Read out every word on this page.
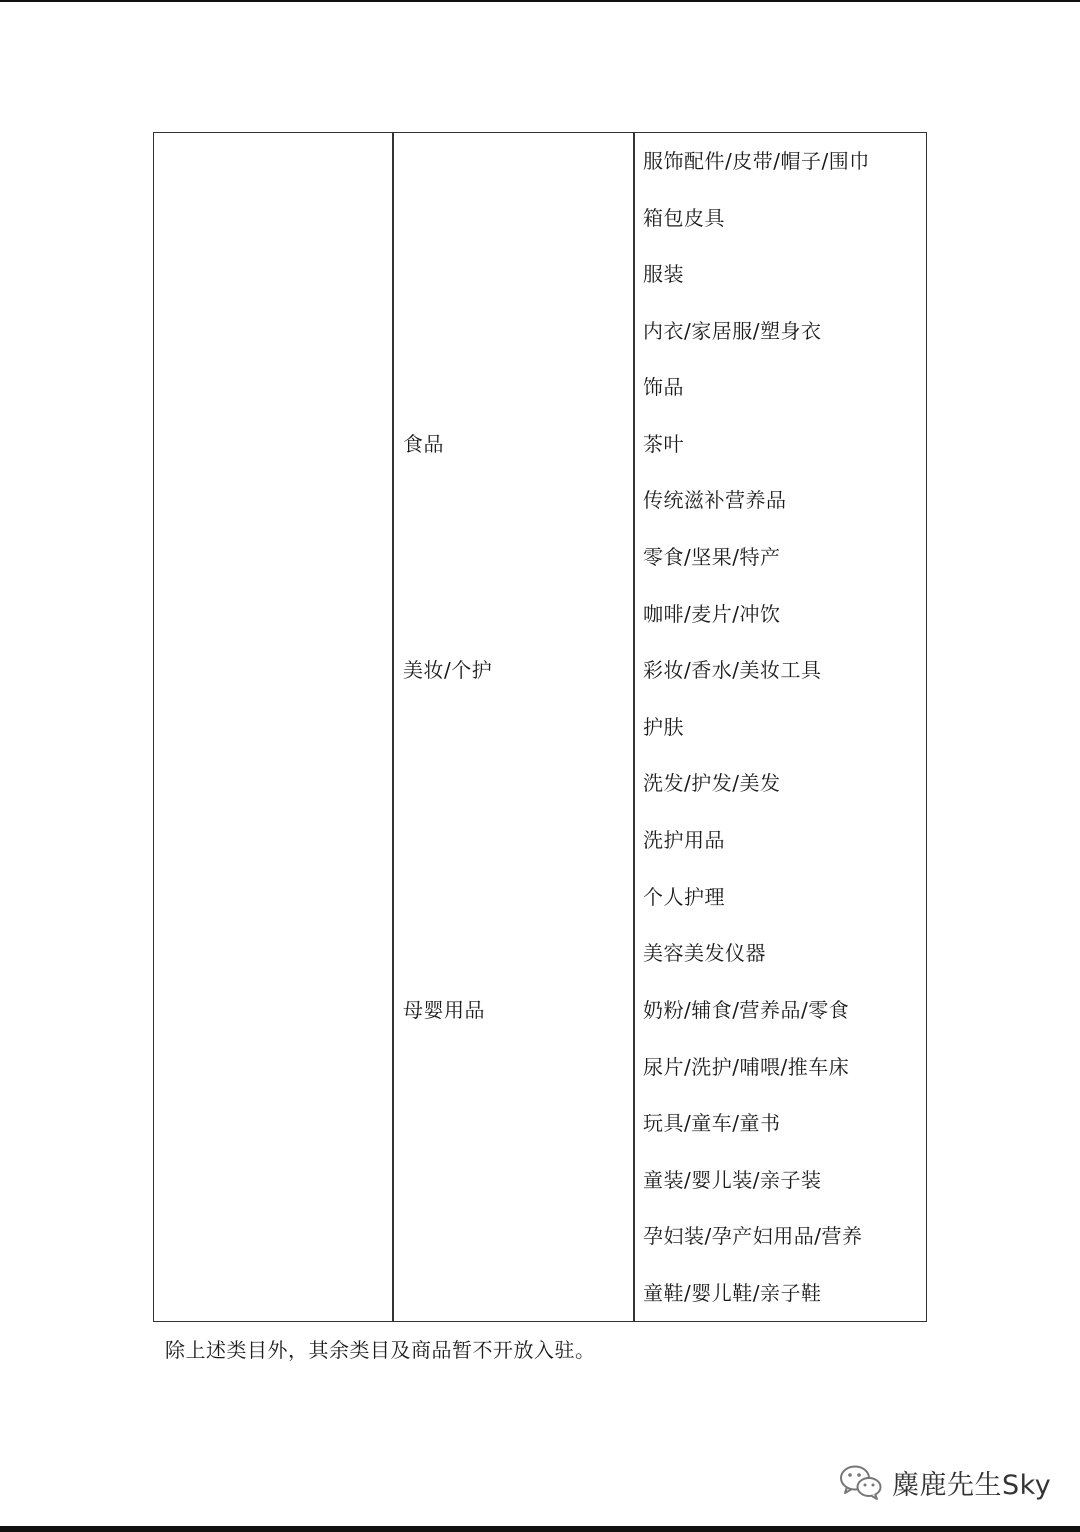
食品
美妆/个护
母婴用品
服饰配件/皮带/帽子/围巾
箱包皮具
服装
内衣/家居服/塑身衣
饰品
茶叶
传统滋补营养品
零食/坚果/特产
咖啡/麦片/冲饮
彩妆/香水/美妆工具
护肤
洗发/护发/美发
洗护用品
个人护理
美容美发仪器
奶粉/辅食/营养品/零食
尿片/洗护/哺喂/推车床
玩具/童车/童书
童装/婴儿装/亲子装
孕妇装/孕产妇用品/营养
童鞋/婴儿鞋/亲子鞋

除上述类目外，其余类目及商品暂不开放入驻。

麋鹿先生Sky
